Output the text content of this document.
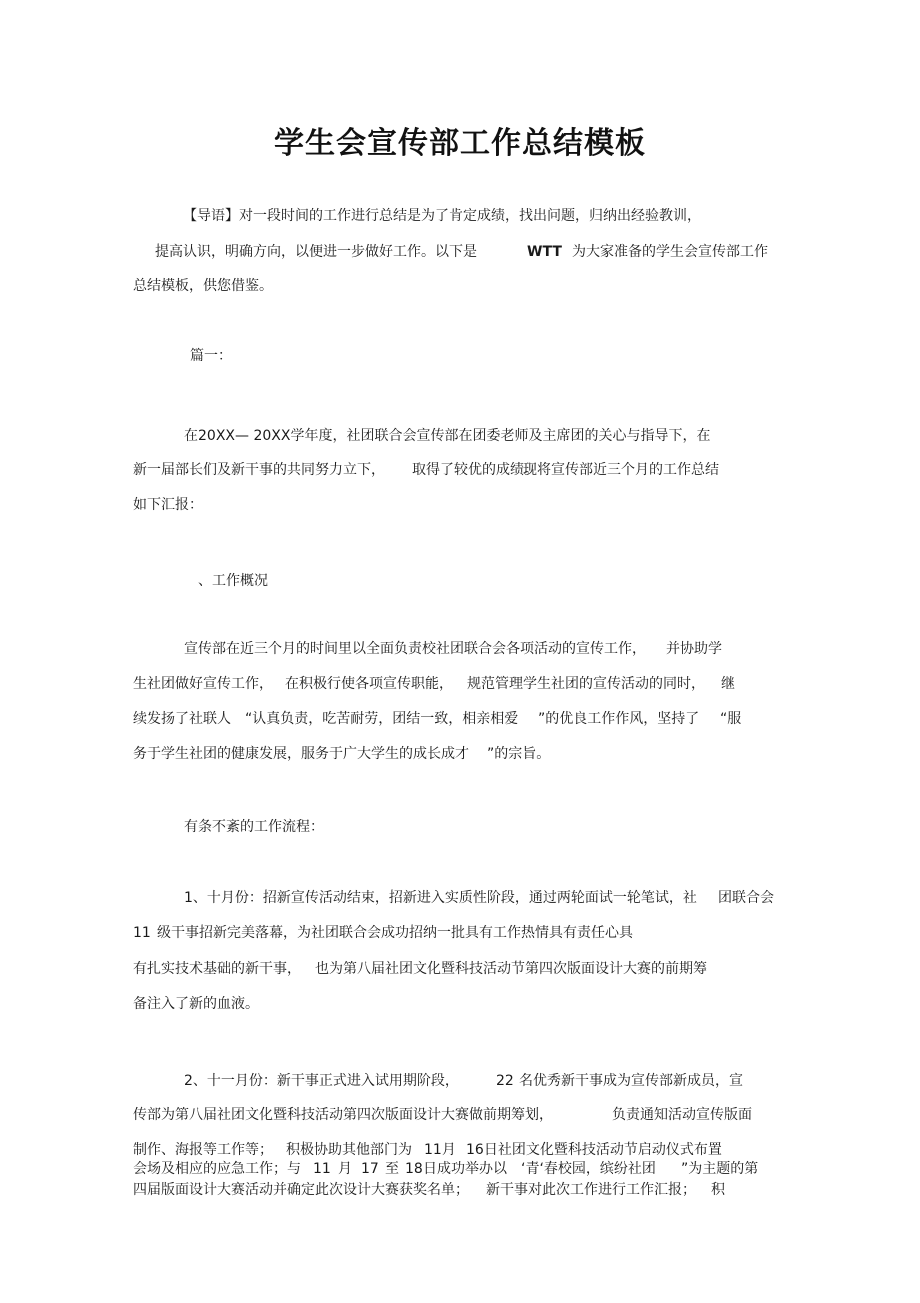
学生会宣传部工作总结模板
【导语】对一段时间的工作进行总结是为了肯定成绩，找出问题，归纳出经验教训，
提高认识，明确方向，以便进一步做好工作。以下是	WTT 为大家准备的学生会宣传部工作
总结模板，供您借鉴。
篇一：
在20XX— 20XX学年度，社团联合会宣传部在团委老师及主席团的关心与指导下，在
新一届部长们及新干事的共同努力立下， 取得了较优的成绩。
现将宣传部近三个月的工作总结
如下汇报：
、工作概况
宣传部在近三个月的时间里以全面负责校社团联合会各项活动的宣传工作， 并协助学
生社团做好宣传工作， 在积极行使各项宣传职能， 规范管理学生社团的宣传活动的同时， 继
续发扬了社联人 “认真负责，吃苦耐劳，团结一致，相亲相爱 ”的优良工作作风，坚持了 “服
务于学生社团的健康发展，服务于广大学生的成长成才 ”的宗旨。
有条不紊的工作流程：
1、十月份：招新宣传活动结束，招新进入实质性阶段，通过两轮面试一轮笔试，社 团联合会
11 级干事招新完美落幕，为社团联合会成功招纳一批具有工作热情具有责任心具
有扎实技术基础的新干事， 也为第八届社团文化暨科技活动节第四次版面设计大赛的前期筹
备注入了新的血液。
2、十一月份：新干事正式进入试用期阶段，	22 名优秀新干事成为宣传部新成员，宣
传部为第八届社团文化暨科技活动第四次版面设计大赛做前期筹划，	负责通知活动宣传版面
制作、海报等工作等； 积极协助其他部门为 11月 16日社团文化暨科技活动节启动仪式布置
会场及相应的应急工作；与 11 月 17 至 18 日成功举办以 ‘青‘春校园，缤纷社团 ”为主题的第
四届版面设计大赛活动并确定此次设计大赛获奖名单； 新干事对此次工作进行工作汇报； 积
